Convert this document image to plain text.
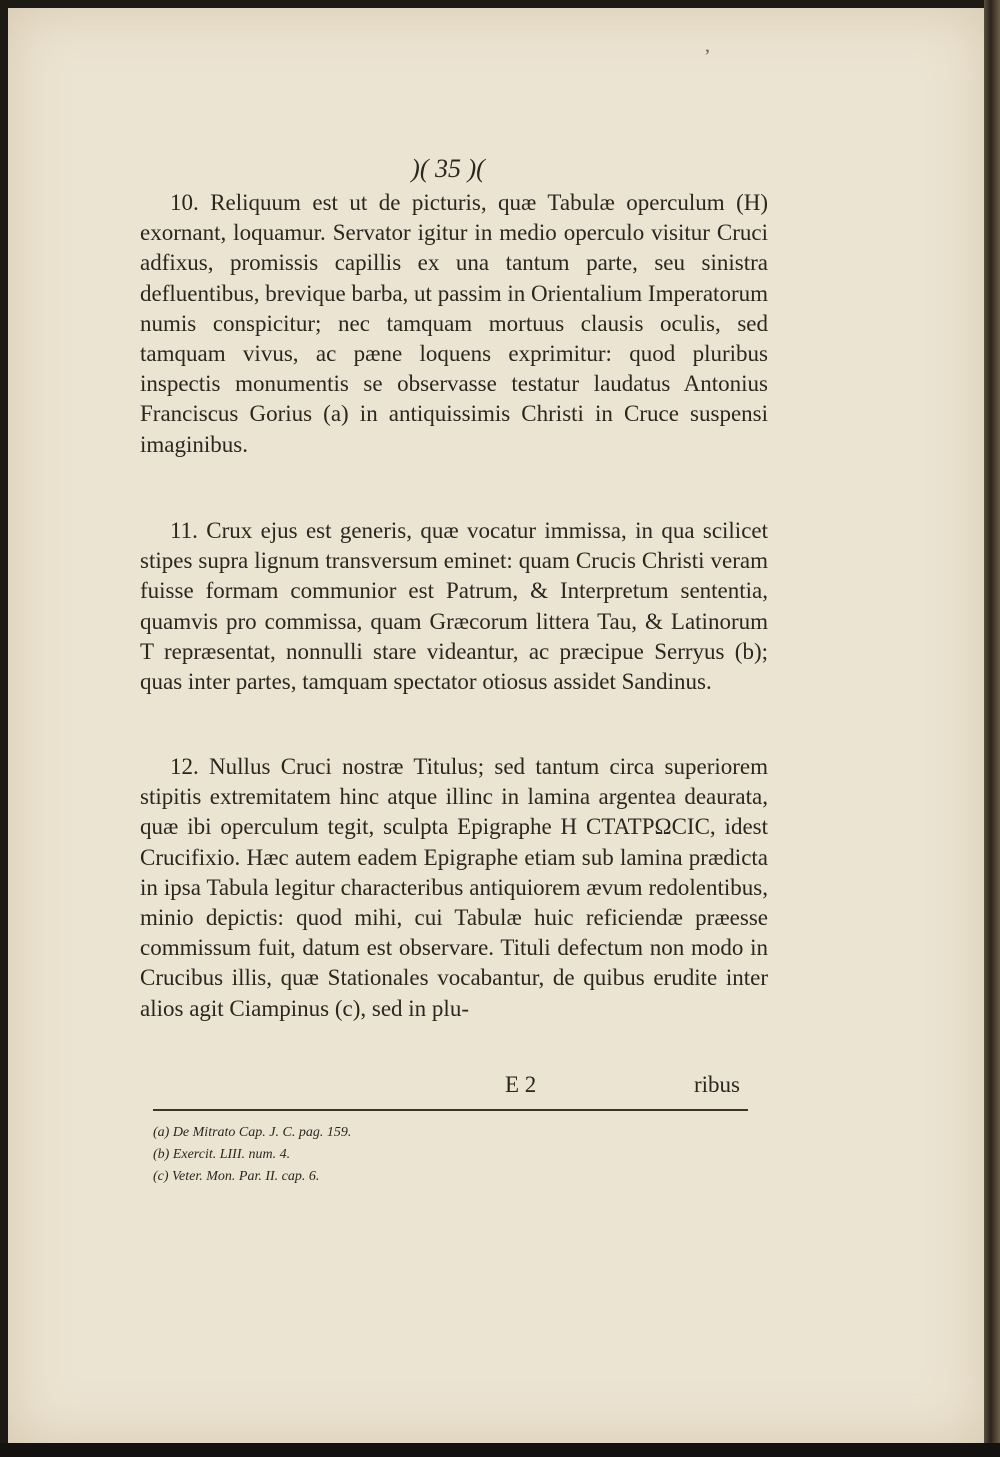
)( 35 )(

10. Reliquum est ut de picturis, quæ Tabulæ operculum (H) exornant, loquamur. Servator igitur in medio operculo visitur Cruci adfixus, promissis capillis ex una tantum parte, seu sinistra defluentibus, brevique barba, ut passim in Orientalium Imperatorum numis conspicitur; nec tamquam mortuus clausis oculis, sed tamquam vivus, ac pæne loquens exprimitur: quod pluribus inspectis monumentis se observasse testatur laudatus Antonius Franciscus Gorius (a) in antiquissimis Christi in Cruce suspensi imaginibus.

11. Crux ejus est generis, quæ vocatur immissa, in qua scilicet stipes supra lignum transversum eminet: quam Crucis Christi veram fuisse formam communior est Patrum, & Interpretum sententia, quamvis pro commissa, quam Græcorum littera Tau, & Latinorum T repræsentat, nonnulli stare videantur, ac præcipue Serryus (b); quas inter partes, tamquam spectator otiosus assidet Sandinus.

12. Nullus Cruci nostræ Titulus; sed tantum circa superiorem stipitis extremitatem hinc atque illinc in lamina argentea deaurata, quæ ibi operculum tegit, sculpta Epigraphe H CTATPΩCIC, idest Crucifixio. Hæc autem eadem Epigraphe etiam sub lamina prædicta in ipsa Tabula legitur characteribus antiquiorem ævum redolentibus, minio depictis: quod mihi, cui Tabulæ huic reficiendæ præesse commissum fuit, datum est observare. Tituli defectum non modo in Crucibus illis, quæ Stationales vocabantur, de quibus erudite inter alios agit Ciampinus (c), sed in plu-

E 2	ribus
(a) De Mitrato Cap. J. C. pag. 159.
(b) Exercit. LIII. num. 4.
(c) Veter. Mon. Par. II. cap. 6.
ʼ
